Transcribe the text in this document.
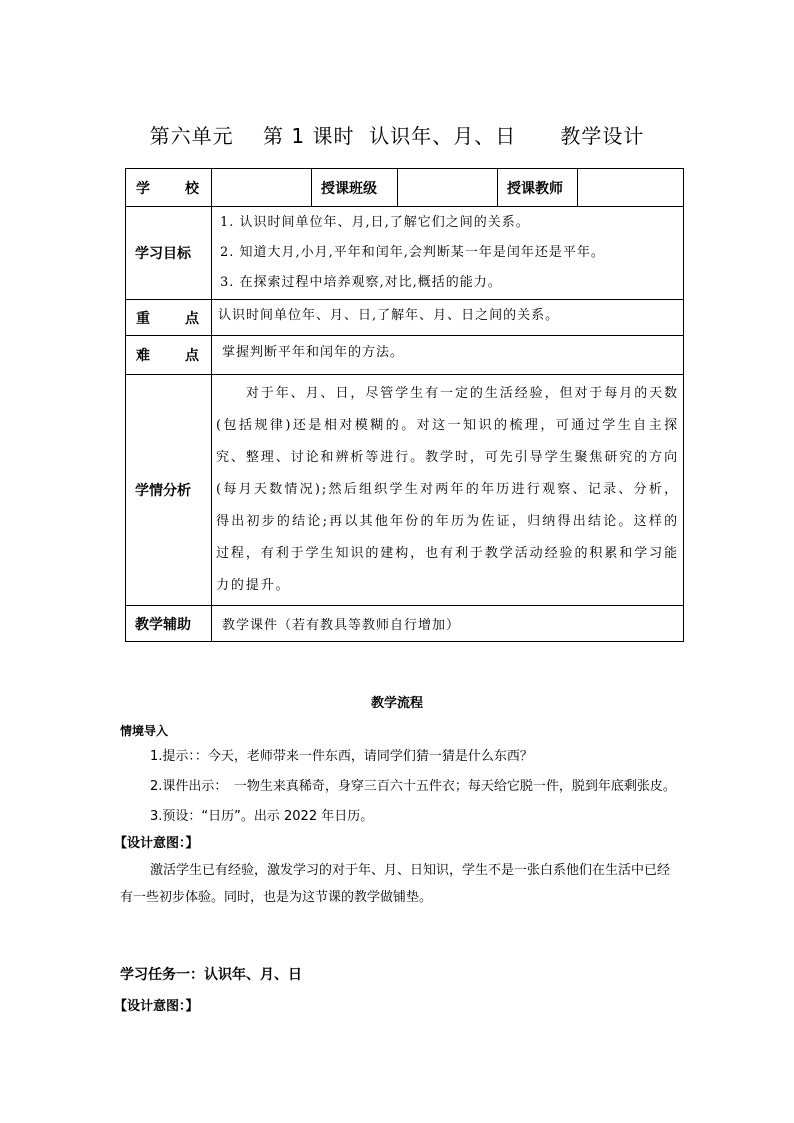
第六单元    第 1 课时  认识年、月、日      教学设计
学 校		授课班级		授课教师	
学习目标	1. 认识时间单位年、月,日,了解它们之间的关系。
2. 知道大月,小月,平年和闰年,会判断某一年是闰年还是平年。
3. 在探索过程中培养观察,对比,概括的能力。				

重 点	认识时间单位年、月、日,了解年、月、日之间的关系。				

难 点	掌握判断平年和闰年的方法。				

学情分析	　　对于年、月、日，尽管学生有一定的生活经验，但对于每月的天数(包括规律)还是相对模糊的。对这一知识的梳理，可通过学生自主探究、整理、讨论和辨析等进行。教学时，可先引导学生聚焦研究的方向(每月天数情况);然后组织学生对两年的年历进行观察、记录、分析，得出初步的结论;再以其他年份的年历为佐证，归纳得出结论。这样的过程，有利于学生知识的建构，也有利于教学活动经验的积累和学习能力的提升。				

教学辅助	教学课件（若有教具等教师自行增加）				
教学流程
情境导入
1.提示：：今天，老师带来一件东西，请同学们猜一猜是什么东西？
2.课件出示：　一物生来真稀奇，身穿三百六十五件衣；每天给它脱一件，脱到年底剩张皮。
3.预设：“日历”。出示 2022 年日历。
【设计意图：】
激活学生已有经验，激发学习的对于年、月、日知识，学生不是一张白系他们在生活中已经有一些初步体验。同时，也是为这节课的教学做铺垫。
学习任务一：认识年、月、日
【设计意图：】
